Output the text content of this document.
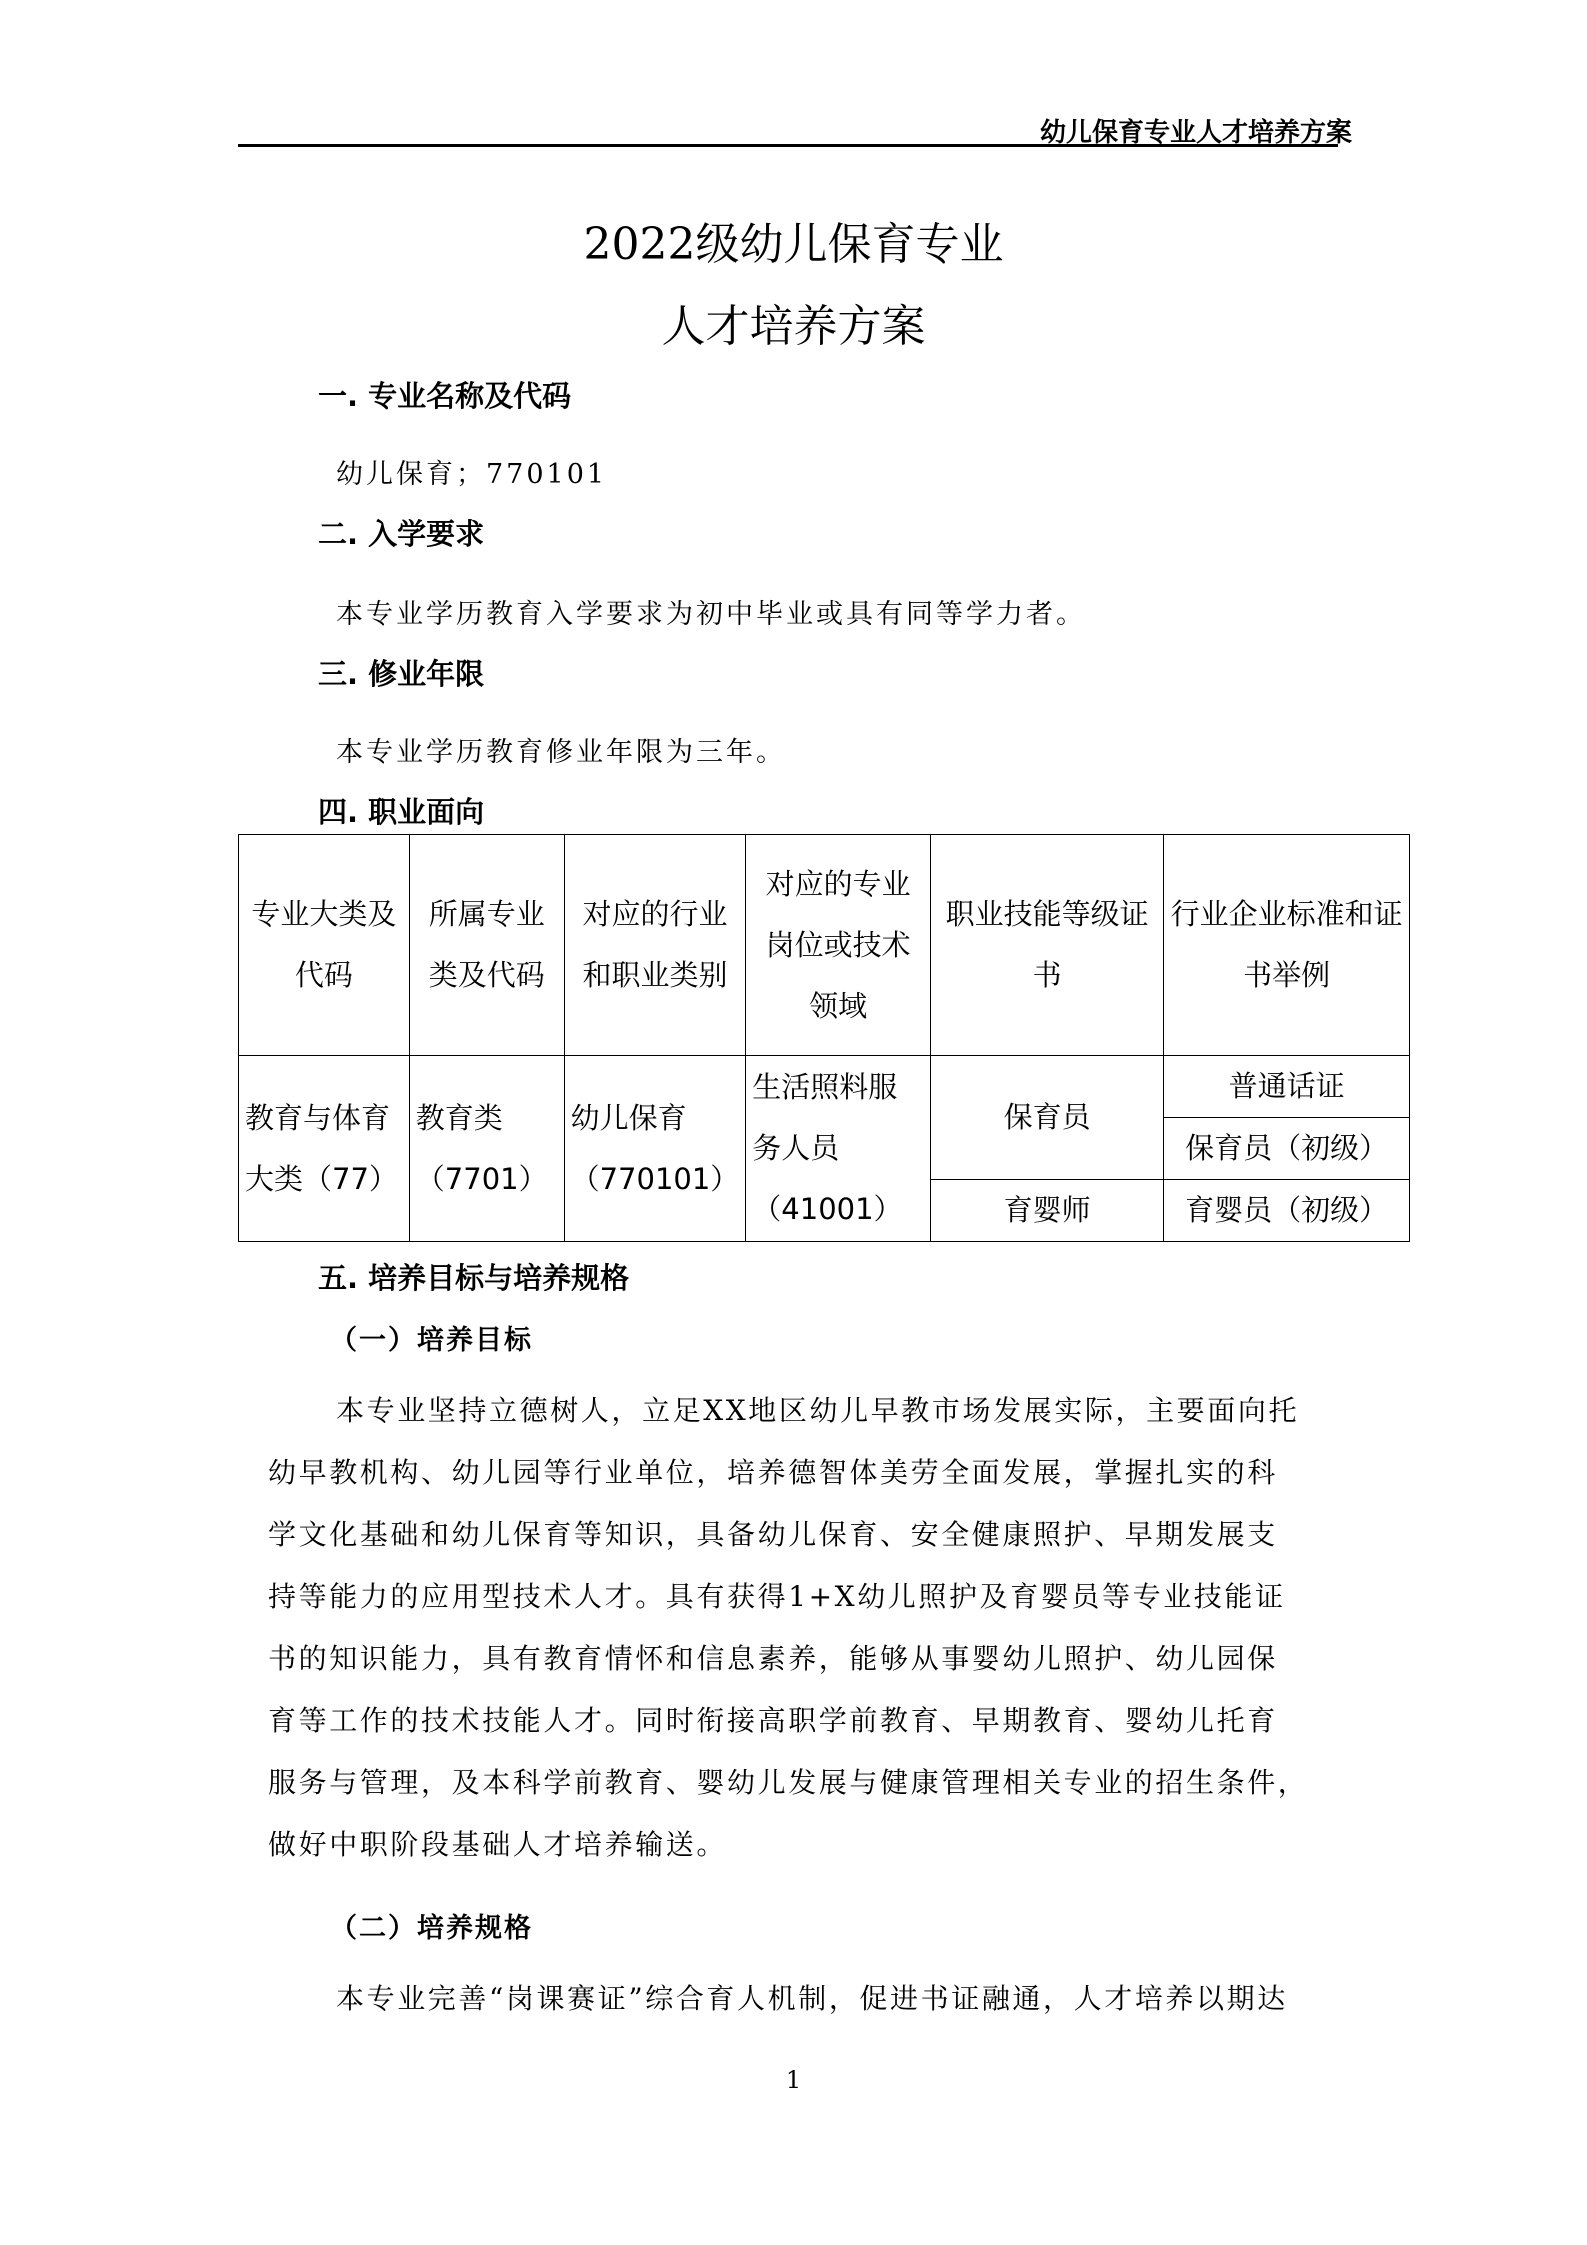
幼儿保育专业人才培养方案
2022级幼儿保育专业
人才培养方案
一. 专业名称及代码
幼儿保育；770101
二. 入学要求
本专业学历教育入学要求为初中毕业或具有同等学力者。
三. 修业年限
本专业学历教育修业年限为三年。
四. 职业面向
专业大类及代码	所属专业类及代码	对应的行业和职业类别	对应的专业岗位或技术领域	职业技能等级证书	行业企业标准和证书举例
教育与体育大类（77）	教育类（7701）	幼儿保育（770101）	生活照料服务人员（41001）	保育员	普通话证
					保育员（初级）
				育婴师	育婴员（初级）
五. 培养目标与培养规格
（一）培养目标
本专业坚持立德树人，立足XX地区幼儿早教市场发展实际，主要面向托
幼早教机构、幼儿园等行业单位，培养德智体美劳全面发展，掌握扎实的科
学文化基础和幼儿保育等知识，具备幼儿保育、安全健康照护、早期发展支
持等能力的应用型技术人才。具有获得1+X幼儿照护及育婴员等专业技能证
书的知识能力，具有教育情怀和信息素养，能够从事婴幼儿照护、幼儿园保
育等工作的技术技能人才。同时衔接高职学前教育、早期教育、婴幼儿托育
服务与管理，及本科学前教育、婴幼儿发展与健康管理相关专业的招生条件，
做好中职阶段基础人才培养输送。
（二）培养规格
本专业完善“岗课赛证”综合育人机制，促进书证融通，人才培养以期达
1
